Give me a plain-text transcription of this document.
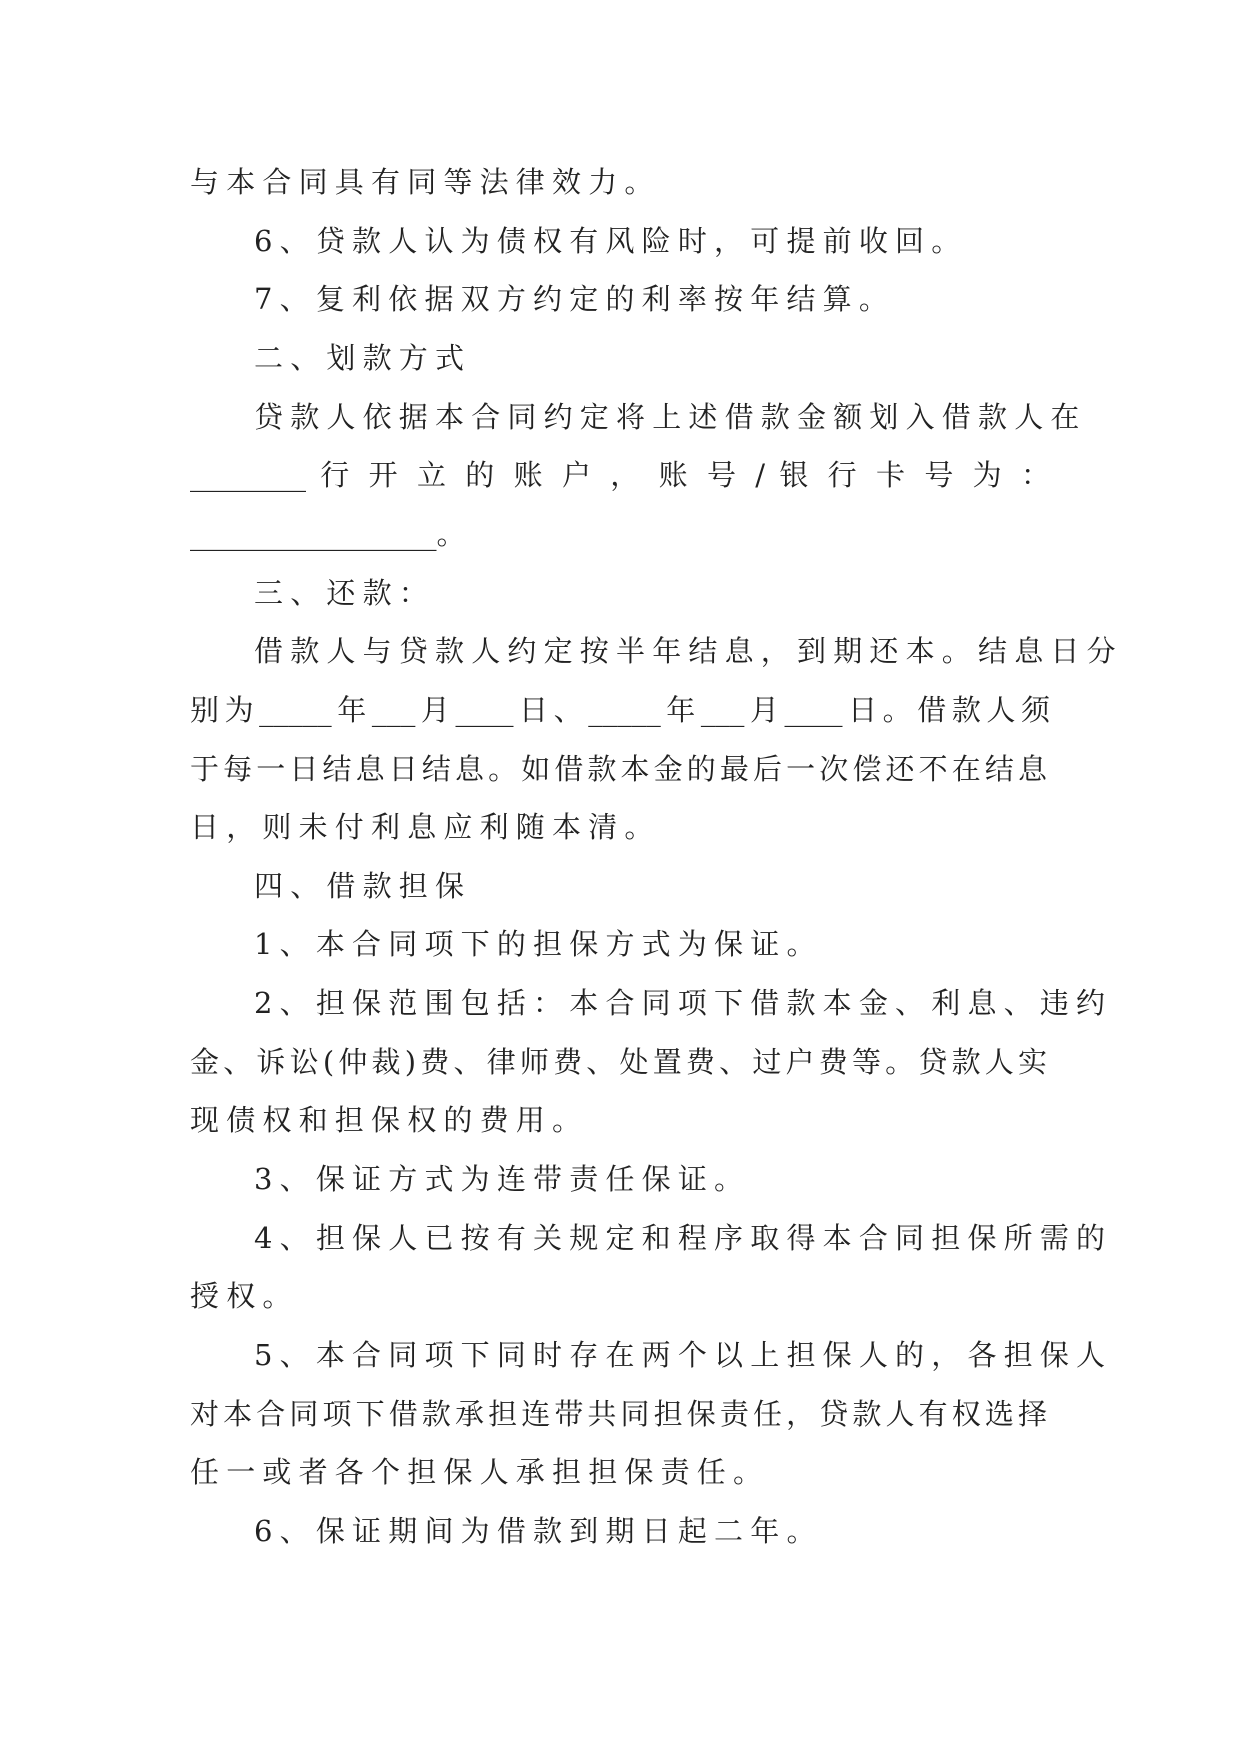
与本合同具有同等法律效力。
6、贷款人认为债权有风险时，可提前收回。
7、复利依据双方约定的利率按年结算。
二、划款方式
贷款人依据本合同约定将上述借款金额划入借款人在
________ 行 开 立 的 账 户 ， 账 号 / 银 行 卡 号 为 ：
_________________。
三、还款：
借款人与贷款人约定按半年结息，到期还本。结息日分
别为_____年___月____日、_____年___月____日。借款人须
于每一日结息日结息。如借款本金的最后一次偿还不在结息
日，则未付利息应利随本清。
四、借款担保
1、本合同项下的担保方式为保证。
2、担保范围包括：本合同项下借款本金、利息、违约
金、诉讼(仲裁)费、律师费、处置费、过户费等。贷款人实
现债权和担保权的费用。
3、保证方式为连带责任保证。
4、担保人已按有关规定和程序取得本合同担保所需的
授权。
5、本合同项下同时存在两个以上担保人的，各担保人
对本合同项下借款承担连带共同担保责任，贷款人有权选择
任一或者各个担保人承担担保责任。
6、保证期间为借款到期日起二年。
